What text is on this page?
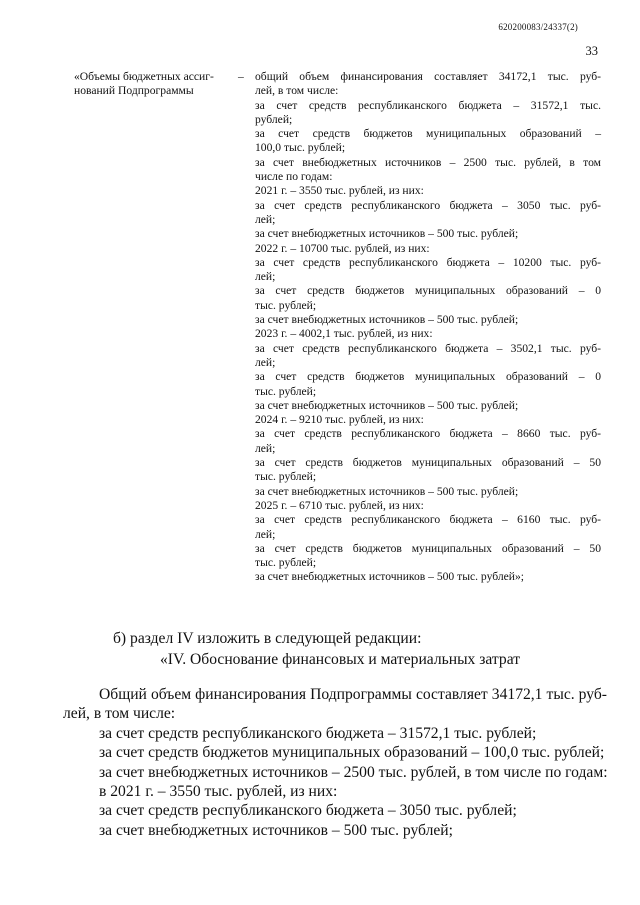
620200083/24337(2)
33
«Объемы бюджетных ассиг-
нований Подпрограммы
– общий объем финансирования составляет 34172,1 тыс. руб-
лей, в том числе:
за счет средств республиканского бюджета – 31572,1 тыс.
рублей;
за счет средств бюджетов муниципальных образований –
100,0 тыс. рублей;
за счет внебюджетных источников – 2500 тыс. рублей, в том
числе по годам:
2021 г. – 3550 тыс. рублей, из них:
за счет средств республиканского бюджета – 3050 тыс. руб-
лей;
за счет внебюджетных источников – 500 тыс. рублей;
2022 г. – 10700 тыс. рублей, из них:
за счет средств республиканского бюджета – 10200 тыс. руб-
лей;
за счет средств бюджетов муниципальных образований – 0
тыс. рублей;
за счет внебюджетных источников – 500 тыс. рублей;
2023 г. – 4002,1 тыс. рублей, из них:
за счет средств республиканского бюджета – 3502,1 тыс. руб-
лей;
за счет средств бюджетов муниципальных образований – 0
тыс. рублей;
за счет внебюджетных источников – 500 тыс. рублей;
2024 г. – 9210 тыс. рублей, из них:
за счет средств республиканского бюджета – 8660 тыс. руб-
лей;
за счет средств бюджетов муниципальных образований – 50
тыс. рублей;
за счет внебюджетных источников – 500 тыс. рублей;
2025 г. – 6710 тыс. рублей, из них:
за счет средств республиканского бюджета – 6160 тыс. руб-
лей;
за счет средств бюджетов муниципальных образований – 50
тыс. рублей;
за счет внебюджетных источников – 500 тыс. рублей»;
б) раздел IV изложить в следующей редакции:
«IV. Обоснование финансовых и материальных затрат
Общий объем финансирования Подпрограммы составляет 34172,1 тыс. руб-
лей, в том числе:
за счет средств республиканского бюджета – 31572,1 тыс. рублей;
за счет средств бюджетов муниципальных образований – 100,0 тыс. рублей;
за счет внебюджетных источников – 2500 тыс. рублей, в том числе по годам:
в 2021 г. – 3550 тыс. рублей, из них:
за счет средств республиканского бюджета – 3050 тыс. рублей;
за счет внебюджетных источников – 500 тыс. рублей;
